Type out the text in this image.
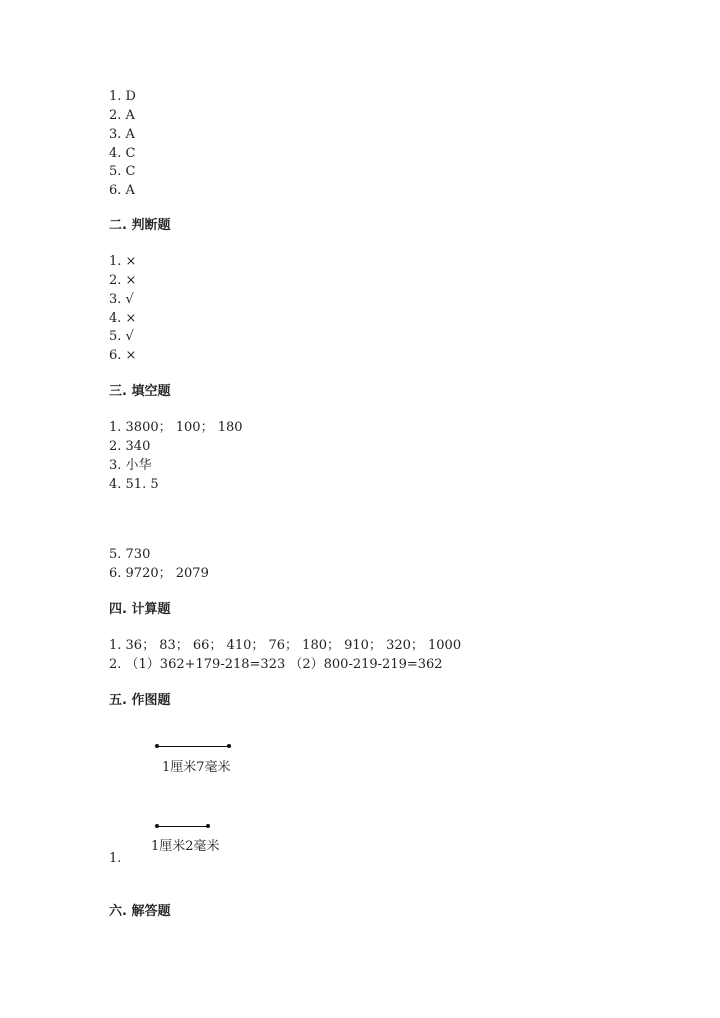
1. D
2. A
3. A
4. C
5. C
6. A
二. 判断题
1. ×
2. ×
3. √
4. ×
5. √
6. ×
三. 填空题
1. 3800； 100； 180
2. 340
3. 小华
4. 51. 5
5. 730
6. 9720； 2079
四. 计算题
1. 36； 83； 66； 410； 76； 180； 910； 320； 1000
2. （1）362+179-218=323 （2）800-219-219=362
五. 作图题
1厘米7毫米
1厘米2毫米
1.
六. 解答题
